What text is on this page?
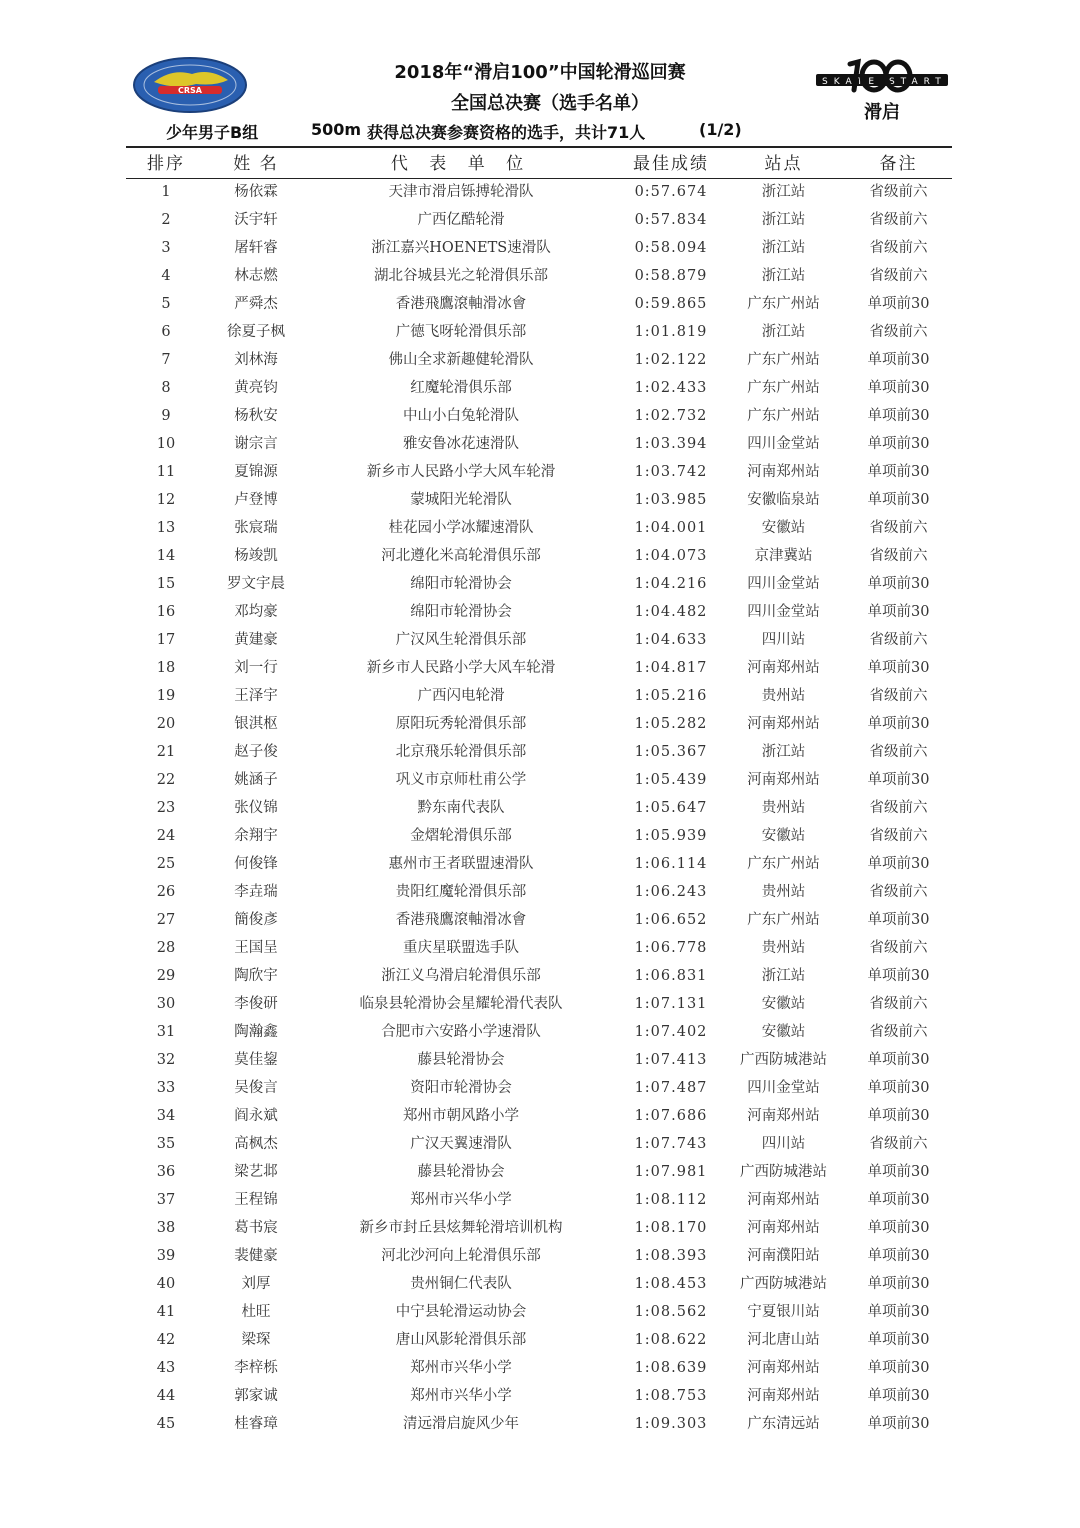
CRSA
SKATE START
滑启
2018年“滑启100”中国轮滑巡回赛
全国总决赛（选手名单）
少年男子B组	500m 获得总决赛参赛资格的选手，共计71人	(1/2)
排序	姓 名	代 表 单 位	最佳成绩	站点	备注
1	杨依霖	天津市滑启铄搏轮滑队	0:57.674	浙江站	省级前六
2	沃宇轩	广西亿酷轮滑	0:57.834	浙江站	省级前六
3	屠轩睿	浙江嘉兴HOENETS速滑队	0:58.094	浙江站	省级前六
4	林志燃	湖北谷城县光之轮滑俱乐部	0:58.879	浙江站	省级前六
5	严舜杰	香港飛鷹滾軸滑冰會	0:59.865	广东广州站	单项前30
6	徐夏子枫	广德飞呀轮滑俱乐部	1:01.819	浙江站	省级前六
7	刘林海	佛山全求新趣健轮滑队	1:02.122	广东广州站	单项前30
8	黄亮钧	红魔轮滑俱乐部	1:02.433	广东广州站	单项前30
9	杨秋安	中山小白兔轮滑队	1:02.732	广东广州站	单项前30
10	谢宗言	雅安鲁冰花速滑队	1:03.394	四川金堂站	单项前30
11	夏锦源	新乡市人民路小学大风车轮滑	1:03.742	河南郑州站	单项前30
12	卢登博	蒙城阳光轮滑队	1:03.985	安徽临泉站	单项前30
13	张宸瑞	桂花园小学冰耀速滑队	1:04.001	安徽站	省级前六
14	杨竣凯	河北遵化米高轮滑俱乐部	1:04.073	京津冀站	省级前六
15	罗文宇晨	绵阳市轮滑协会	1:04.216	四川金堂站	单项前30
16	邓均豪	绵阳市轮滑协会	1:04.482	四川金堂站	单项前30
17	黄建豪	广汉风生轮滑俱乐部	1:04.633	四川站	省级前六
18	刘一行	新乡市人民路小学大风车轮滑	1:04.817	河南郑州站	单项前30
19	王泽宇	广西闪电轮滑	1:05.216	贵州站	省级前六
20	银淇枢	原阳玩秀轮滑俱乐部	1:05.282	河南郑州站	单项前30
21	赵子俊	北京飛乐轮滑俱乐部	1:05.367	浙江站	省级前六
22	姚涵子	巩义市京师杜甫公学	1:05.439	河南郑州站	单项前30
23	张仪锦	黔东南代表队	1:05.647	贵州站	省级前六
24	余翔宇	金熠轮滑俱乐部	1:05.939	安徽站	省级前六
25	何俊锋	惠州市王者联盟速滑队	1:06.114	广东广州站	单项前30
26	李垚瑞	贵阳红魔轮滑俱乐部	1:06.243	贵州站	省级前六
27	簡俊彥	香港飛鷹滾軸滑冰會	1:06.652	广东广州站	单项前30
28	王国呈	重庆星联盟选手队	1:06.778	贵州站	省级前六
29	陶欣宇	浙江义乌滑启轮滑俱乐部	1:06.831	浙江站	单项前30
30	李俊研	临泉县轮滑协会星耀轮滑代表队	1:07.131	安徽站	省级前六
31	陶瀚鑫	合肥市六安路小学速滑队	1:07.402	安徽站	省级前六
32	莫佳鋆	藤县轮滑协会	1:07.413	广西防城港站	单项前30
33	吴俊言	资阳市轮滑协会	1:07.487	四川金堂站	单项前30
34	阎永斌	郑州市朝风路小学	1:07.686	河南郑州站	单项前30
35	高枫杰	广汉天翼速滑队	1:07.743	四川站	省级前六
36	梁艺邶	藤县轮滑协会	1:07.981	广西防城港站	单项前30
37	王程锦	郑州市兴华小学	1:08.112	河南郑州站	单项前30
38	葛书宸	新乡市封丘县炫舞轮滑培训机构	1:08.170	河南郑州站	单项前30
39	裴健豪	河北沙河向上轮滑俱乐部	1:08.393	河南濮阳站	单项前30
40	刘厚	贵州铜仁代表队	1:08.453	广西防城港站	单项前30
41	杜旺	中宁县轮滑运动协会	1:08.562	宁夏银川站	单项前30
42	梁琛	唐山风影轮滑俱乐部	1:08.622	河北唐山站	单项前30
43	李梓栎	郑州市兴华小学	1:08.639	河南郑州站	单项前30
44	郭家诚	郑州市兴华小学	1:08.753	河南郑州站	单项前30
45	桂睿璋	清远滑启旋风少年	1:09.303	广东清远站	单项前30
